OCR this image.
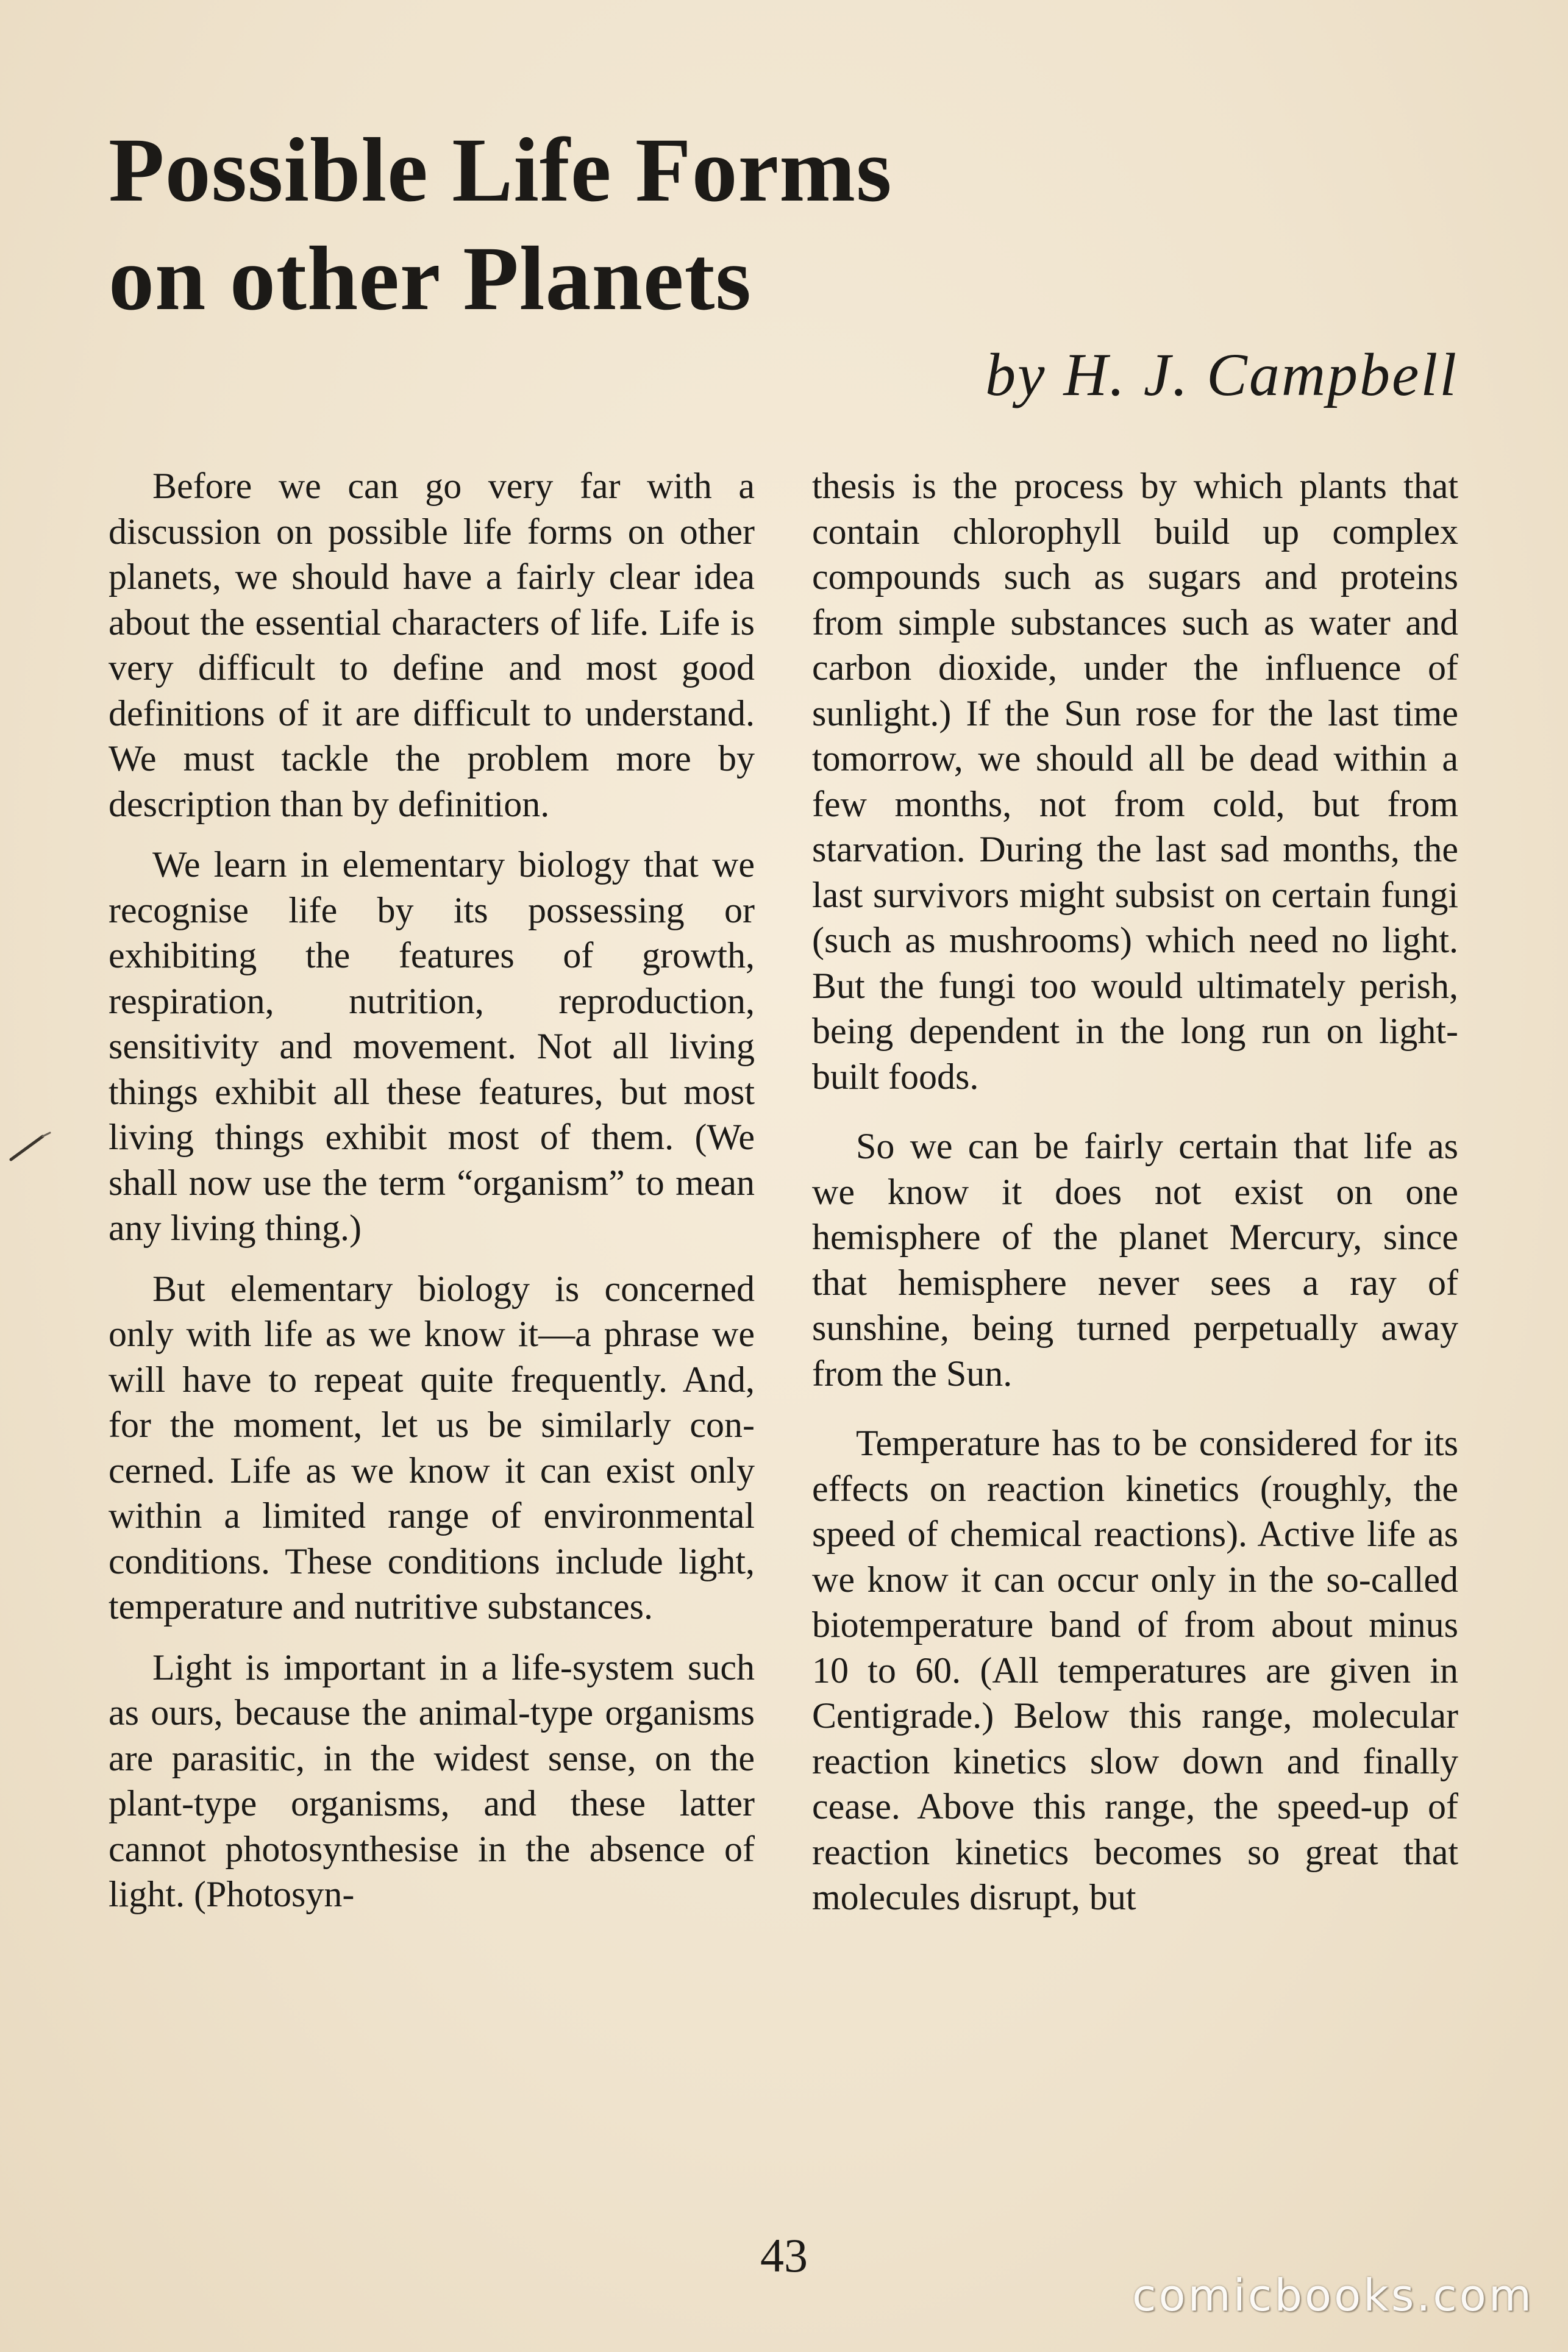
Possible Life Forms
on other Planets
by H. J. Campbell

Before we can go very far with a discussion on possible life forms on other planets, we should have a fairly clear idea about the essential characters of life. Life is very difficult to define and most good definitions of it are difficult to understand. We must tackle the problem more by description than by definition.

We learn in elementary biology that we recognise life by its possessing or exhibiting the features of growth, respiration, nutrition, reproduction, sensitivity and movement. Not all living things exhibit all these features, but most living things exhibit most of them. (We shall now use the term “organism” to mean any living thing.)

But elementary biology is concerned only with life as we know it—a phrase we will have to repeat quite frequently. And, for the moment, let us be similarly concerned. Life as we know it can exist only within a limited range of environmental conditions. These conditions include light, temperature and nutritive substances.

Light is important in a life-system such as ours, because the animal-type organisms are parasitic, in the widest sense, on the plant-type organisms, and these latter cannot photosynthesise in the absence of light. (Photosyn-

thesis is the process by which plants that contain chlorophyll build up complex compounds such as sugars and proteins from simple substances such as water and carbon dioxide, under the influence of sunlight.) If the Sun rose for the last time tomorrow, we should all be dead within a few months, not from cold, but from starvation. During the last sad months, the last survivors might subsist on certain fungi (such as mushrooms) which need no light. But the fungi too would ultimately perish, being dependent in the long run on light-built foods.

So we can be fairly certain that life as we know it does not exist on one hemisphere of the planet Mercury, since that hemisphere never sees a ray of sunshine, being turned perpetually away from the Sun.

Temperature has to be considered for its effects on reaction kinetics (roughly, the speed of chemical reactions). Active life as we know it can occur only in the so-called biotemperature band of from about minus 10 to 60. (All temperatures are given in Centigrade.) Below this range, molecular reaction kinetics slow down and finally cease. Above this range, the speed-up of reaction kinetics becomes so great that molecules disrupt, but

43
comicbooks.com
